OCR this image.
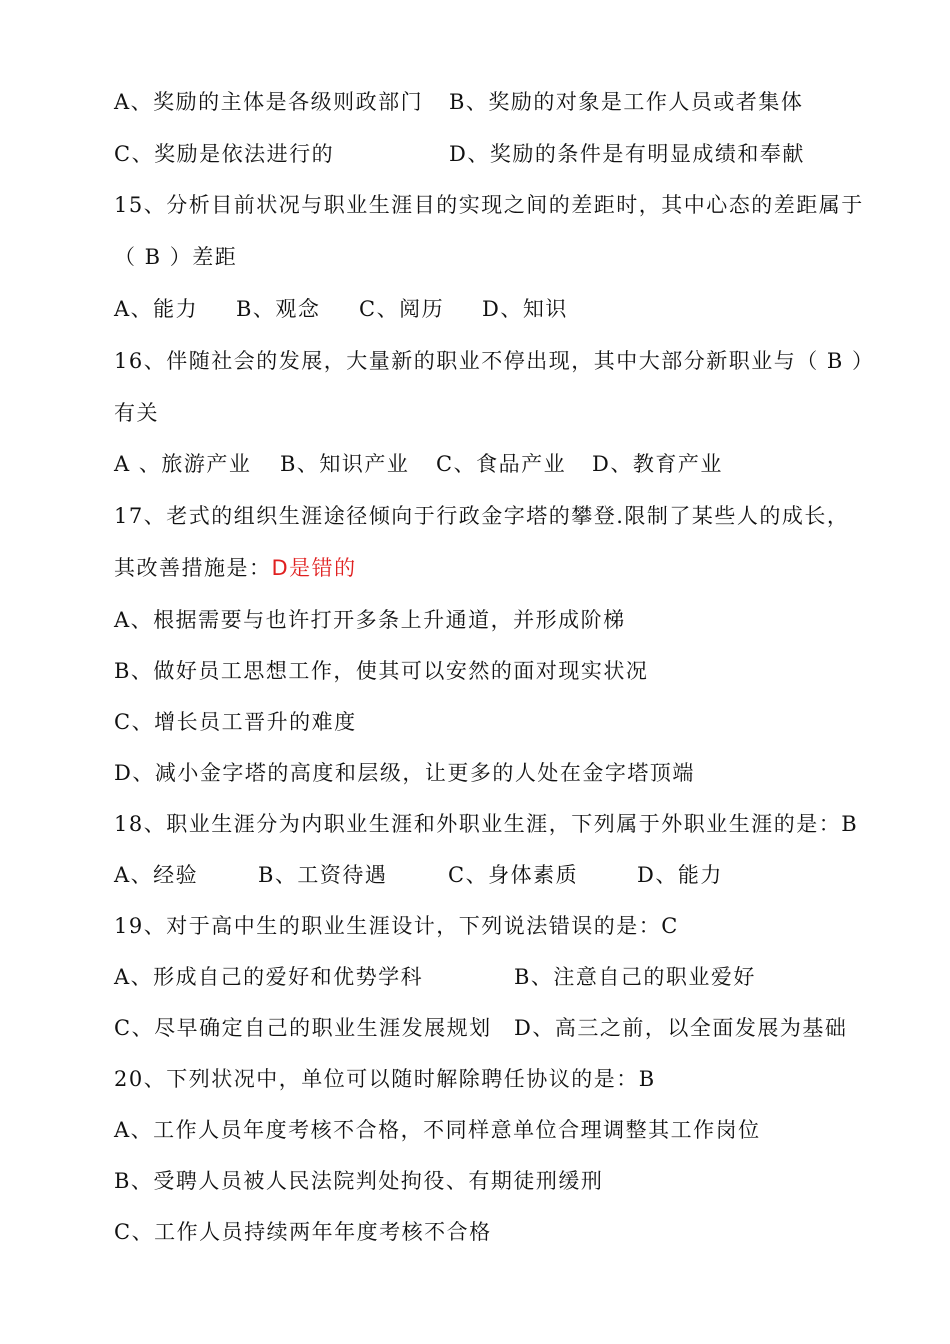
A、奖励的主体是各级则政部门 B、奖励的对象是工作人员或者集体
C、奖励是依法进行的	D、奖励的条件是有明显成绩和奉献
15、分析目前状况与职业生涯目的实现之间的差距时，其中心态的差距属于
（ B ）差距
A、能力 B、观念 C、阅历 D、知识
16、伴随社会的发展，大量新的职业不停出现，其中大部分新职业与（ B ）
有关
A 、旅游产业 B、知识产业 C、食品产业 D、教育产业
17、老式的组织生涯途径倾向于行政金字塔的攀登.限制了某些人的成长，
其改善措施是：D是错的
A、根据需要与也许打开多条上升通道，并形成阶梯
B、做好员工思想工作，使其可以安然的面对现实状况
C、增长员工晋升的难度
D、减小金字塔的高度和层级，让更多的人处在金字塔顶端
18、职业生涯分为内职业生涯和外职业生涯，下列属于外职业生涯的是：B
A、经验	B、工资待遇	C、身体素质	D、能力
19、对于高中生的职业生涯设计，下列说法错误的是：C
A、形成自己的爱好和优势学科	B、注意自己的职业爱好
C、尽早确定自己的职业生涯发展规划 D、高三之前，以全面发展为基础
20、下列状况中，单位可以随时解除聘任协议的是：B
A、工作人员年度考核不合格，不同样意单位合理调整其工作岗位
B、受聘人员被人民法院判处拘役、有期徒刑缓刑
C、工作人员持续两年年度考核不合格
